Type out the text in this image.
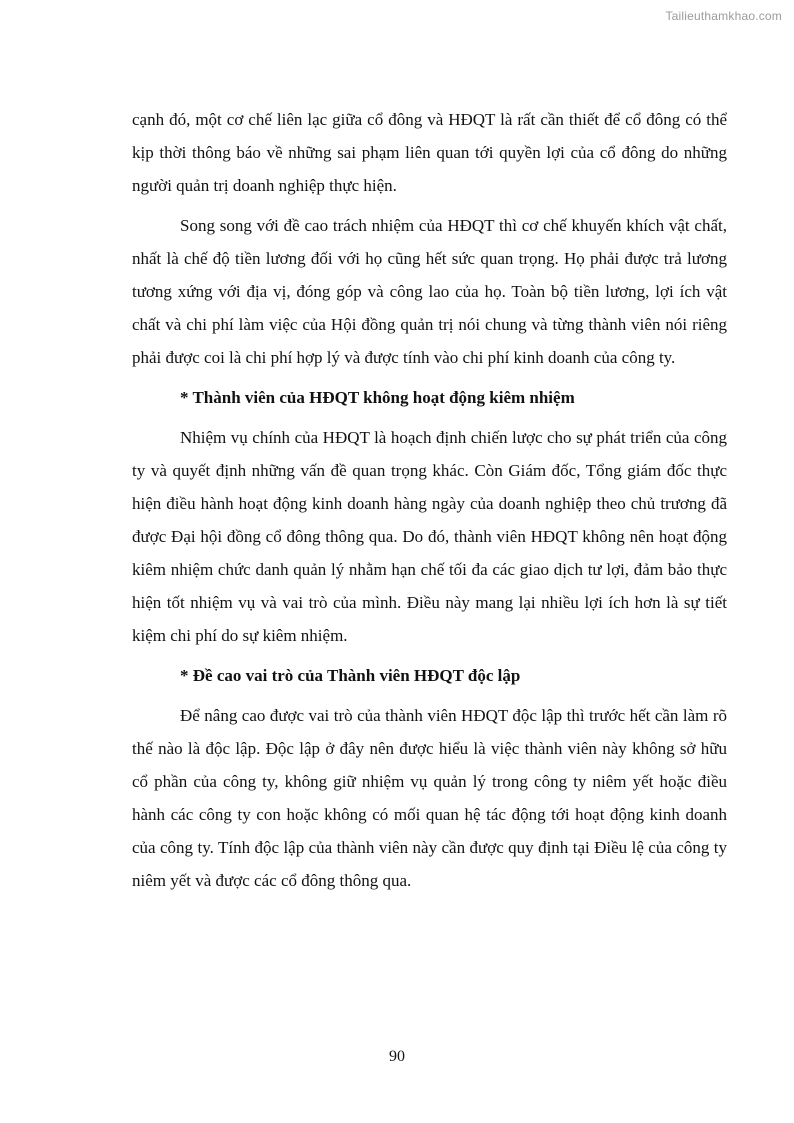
Tailieuthamkhao.com

cạnh đó, một cơ chế liên lạc giữa cổ đông và HĐQT là rất cần thiết để cổ đông có thể kịp thời thông báo về những sai phạm liên quan tới quyền lợi của cổ đông do những người quản trị doanh nghiệp thực hiện.

Song song với đề cao trách nhiệm của HĐQT thì cơ chế khuyến khích vật chất, nhất là chế độ tiền lương đối với họ cũng hết sức quan trọng. Họ phải được trả lương tương xứng với địa vị, đóng góp và công lao của họ. Toàn bộ tiền lương, lợi ích vật chất và chi phí làm việc của Hội đồng quản trị nói chung và từng thành viên nói riêng phải được coi là chi phí hợp lý và được tính vào chi phí kinh doanh của công ty.

* Thành viên của HĐQT không hoạt động kiêm nhiệm

Nhiệm vụ chính của HĐQT là hoạch định chiến lược cho sự phát triển của công ty và quyết định những vấn đề quan trọng khác. Còn Giám đốc, Tổng giám đốc thực hiện điều hành hoạt động kinh doanh hàng ngày của doanh nghiệp theo chủ trương đã được Đại hội đồng cổ đông thông qua. Do đó, thành viên HĐQT không nên hoạt động kiêm nhiệm chức danh quản lý nhằm hạn chế tối đa các giao dịch tư lợi, đảm bảo thực hiện tốt nhiệm vụ và vai trò của mình. Điều này mang lại nhiều lợi ích hơn là sự tiết kiệm chi phí do sự kiêm nhiệm.

* Đề cao vai trò của Thành viên HĐQT độc lập

Để nâng cao được vai trò của thành viên HĐQT độc lập thì trước hết cần làm rõ thế nào là độc lập. Độc lập ở đây nên được hiểu là việc thành viên này không sở hữu cổ phần của công ty, không giữ nhiệm vụ quản lý trong công ty niêm yết hoặc điều hành các công ty con hoặc không có mối quan hệ tác động tới hoạt động kinh doanh của công ty. Tính độc lập của thành viên này cần được quy định tại Điều lệ của công ty niêm yết và được các cổ đông thông qua.

90
